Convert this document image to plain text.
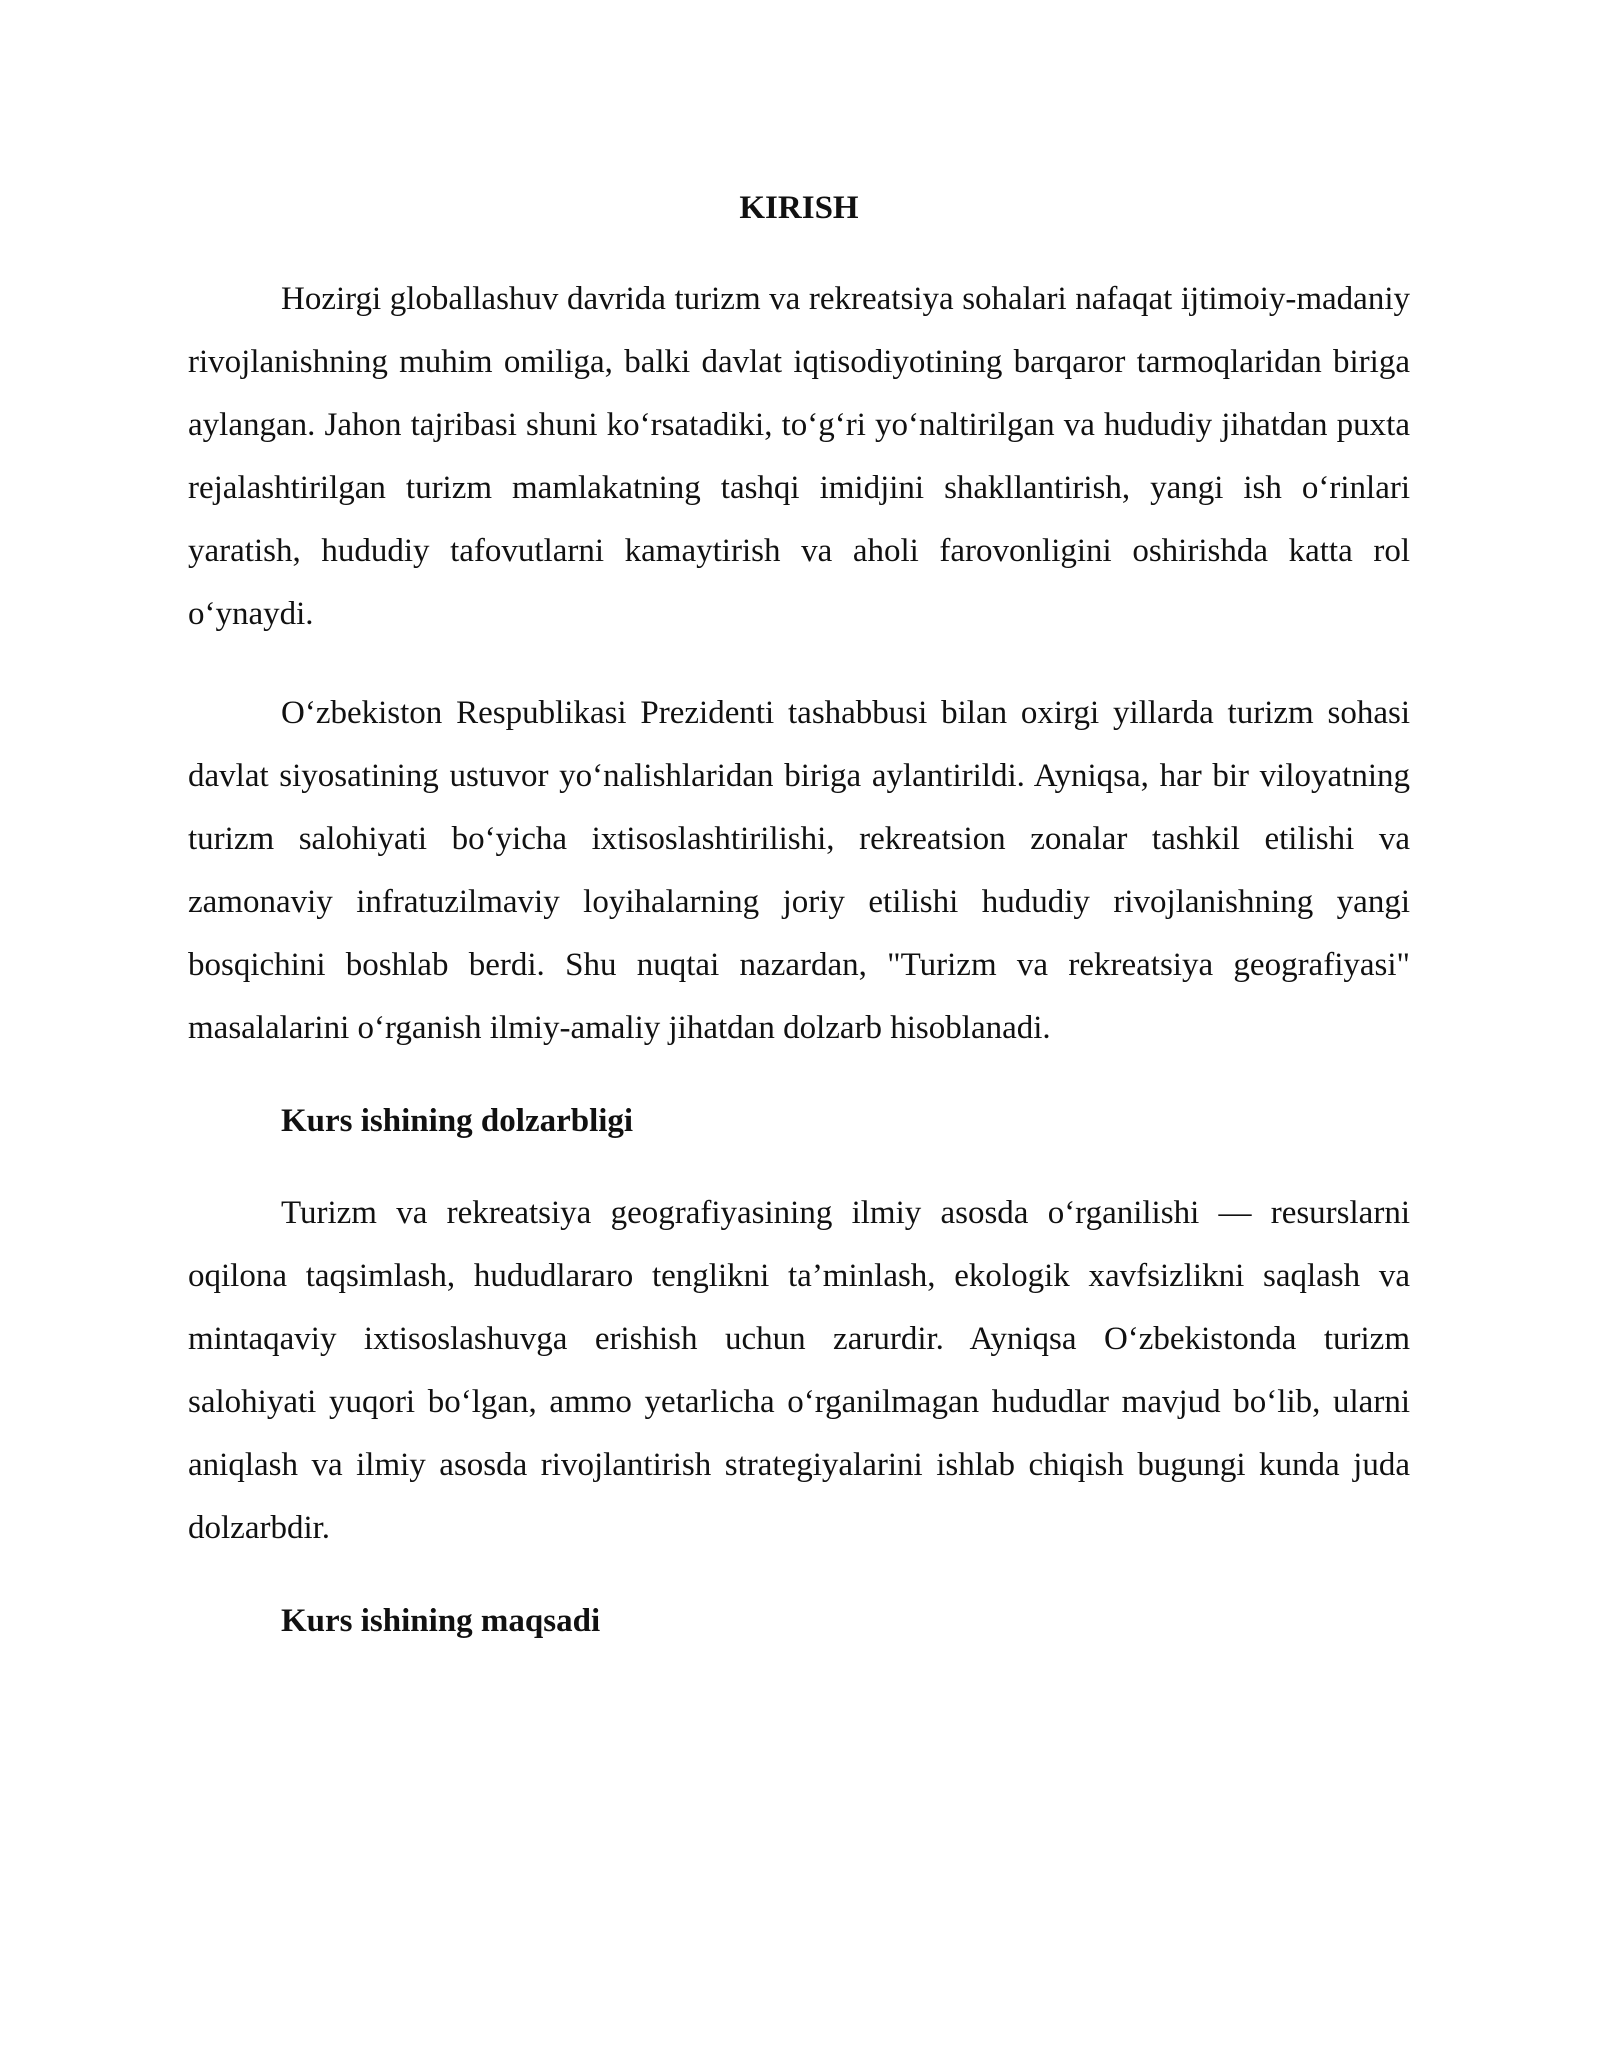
KIRISH

Hozirgi globallashuv davrida turizm va rekreatsiya sohalari nafaqat ijtimoiy-madaniy rivojlanishning muhim omiliga, balki davlat iqtisodiyotining barqaror tarmoqlaridan biriga aylangan. Jahon tajribasi shuni koʻrsatadiki, toʻgʻri yoʻnaltirilgan va hududiy jihatdan puxta rejalashtirilgan turizm mamlakatning tashqi imidjini shakllantirish, yangi ish oʻrinlari yaratish, hududiy tafovutlarni kamaytirish va aholi farovonligini oshirishda katta rol oʻynaydi.

Oʻzbekiston Respublikasi Prezidenti tashabbusi bilan oxirgi yillarda turizm sohasi davlat siyosatining ustuvor yoʻnalishlaridan biriga aylantirildi. Ayniqsa, har bir viloyatning turizm salohiyati boʻyicha ixtisoslashtirilishi, rekreatsion zonalar tashkil etilishi va zamonaviy infratuzilmaviy loyihalarning joriy etilishi hududiy rivojlanishning yangi bosqichini boshlab berdi. Shu nuqtai nazardan, "Turizm va rekreatsiya geografiyasi" masalalarini oʻrganish ilmiy-amaliy jihatdan dolzarb hisoblanadi.

Kurs ishining dolzarbligi

Turizm va rekreatsiya geografiyasining ilmiy asosda oʻrganilishi — resurslarni oqilona taqsimlash, hududlararo tenglikni ta’minlash, ekologik xavfsizlikni saqlash va mintaqaviy ixtisoslashuvga erishish uchun zarurdir. Ayniqsa Oʻzbekistonda turizm salohiyati yuqori boʻlgan, ammo yetarlicha oʻrganilmagan hududlar mavjud boʻlib, ularni aniqlash va ilmiy asosda rivojlantirish strategiyalarini ishlab chiqish bugungi kunda juda dolzarbdir.

Kurs ishining maqsadi
